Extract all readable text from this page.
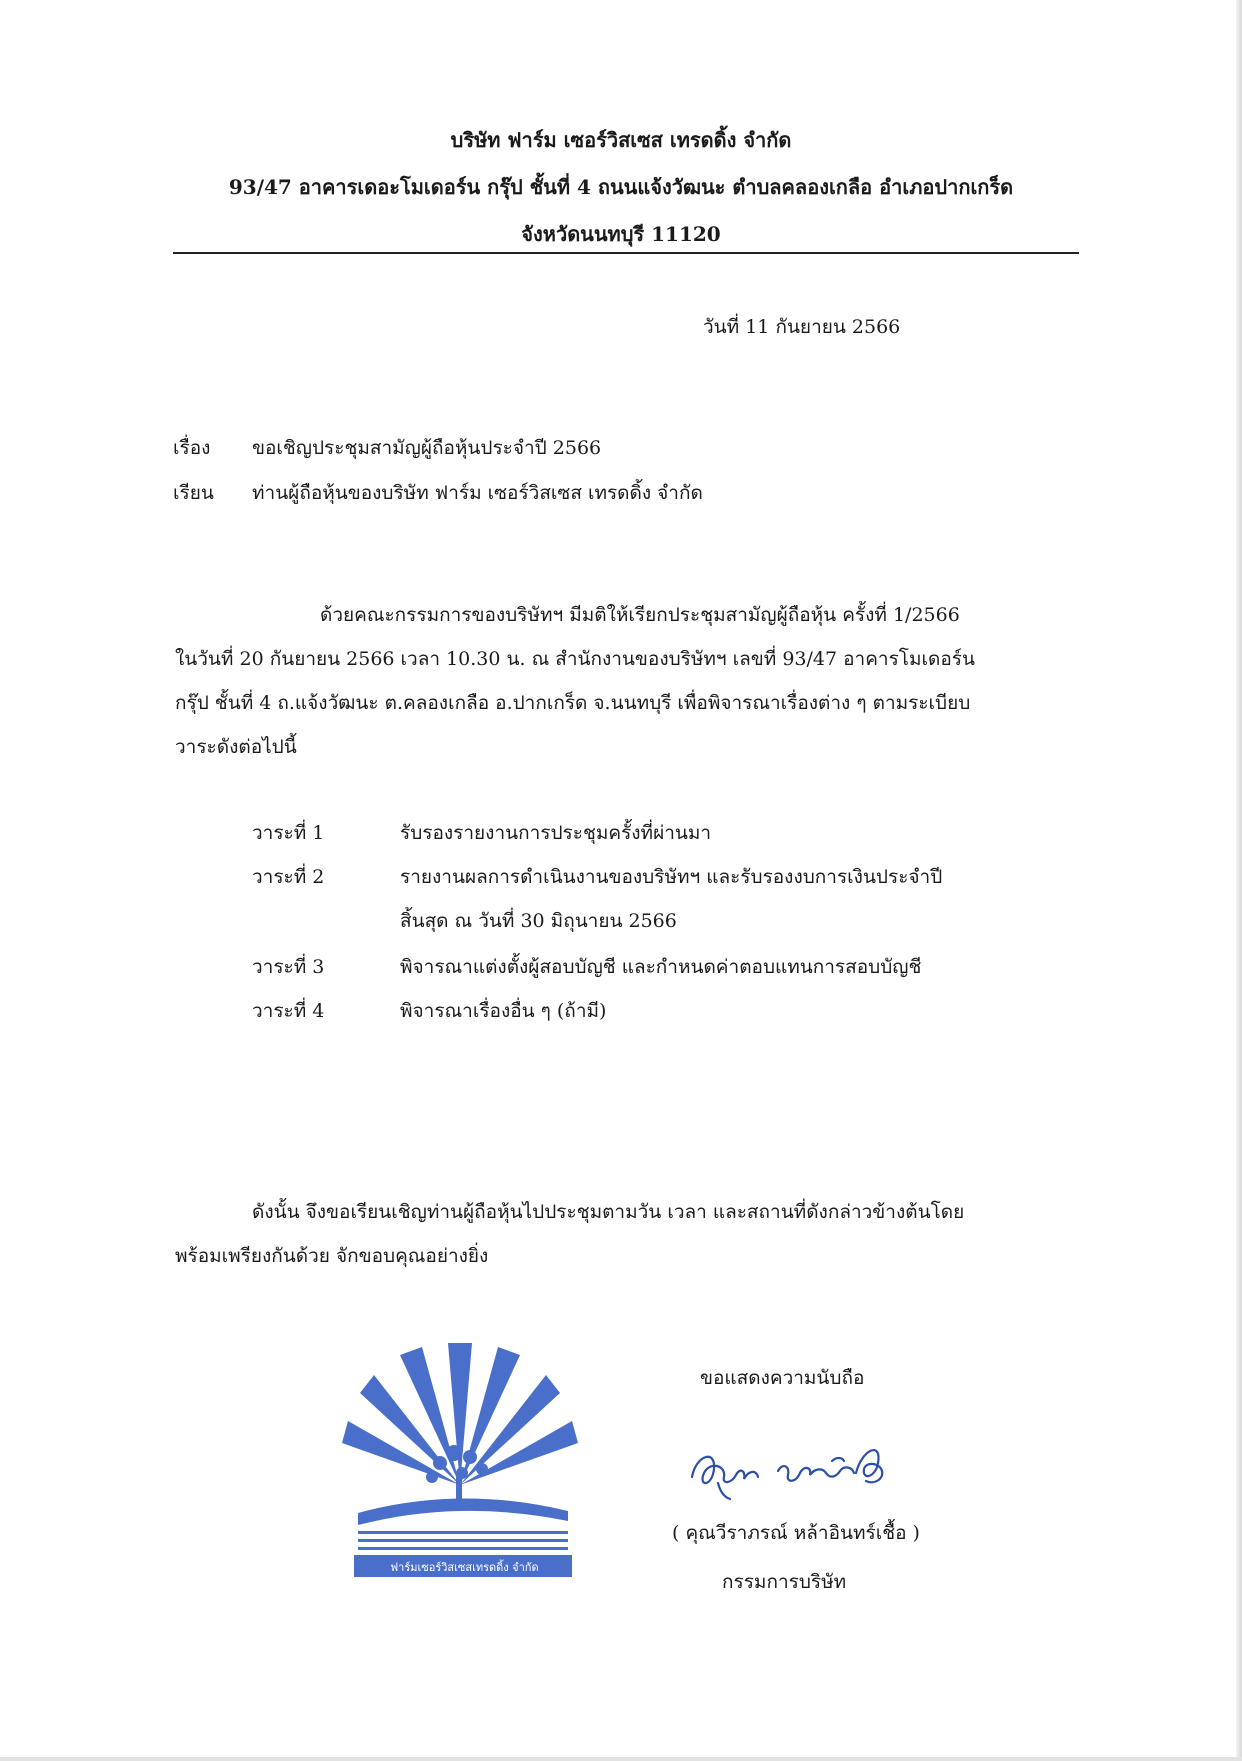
บริษัท ฟาร์ม เซอร์วิสเซส เทรดดิ้ง จำกัด
93/47 อาคารเดอะโมเดอร์น กรุ๊ป ชั้นที่ 4 ถนนแจ้งวัฒนะ ตำบลคลองเกลือ อำเภอปากเกร็ด
จังหวัดนนทบุรี 11120
วันที่ 11 กันยายน 2566
เรื่อง ขอเชิญประชุมสามัญผู้ถือหุ้นประจำปี 2566
เรียน ท่านผู้ถือหุ้นของบริษัท ฟาร์ม เซอร์วิสเซส เทรดดิ้ง จำกัด
ด้วยคณะกรรมการของบริษัทฯ มีมติให้เรียกประชุมสามัญผู้ถือหุ้น ครั้งที่ 1/2566
ในวันที่ 20 กันยายน 2566 เวลา 10.30 น. ณ สำนักงานของบริษัทฯ เลขที่ 93/47 อาคารโมเดอร์น
กรุ๊ป ชั้นที่ 4 ถ.แจ้งวัฒนะ ต.คลองเกลือ อ.ปากเกร็ด จ.นนทบุรี เพื่อพิจารณาเรื่องต่าง ๆ ตามระเบียบ
วาระดังต่อไปนี้
วาระที่ 1	รับรองรายงานการประชุมครั้งที่ผ่านมา
วาระที่ 2	รายงานผลการดำเนินงานของบริษัทฯ และรับรองงบการเงินประจำปี
สิ้นสุด ณ วันที่ 30 มิถุนายน 2566
วาระที่ 3	พิจารณาแต่งตั้งผู้สอบบัญชี และกำหนดค่าตอบแทนการสอบบัญชี
วาระที่ 4	พิจารณาเรื่องอื่น ๆ (ถ้ามี)
ดังนั้น จึงขอเรียนเชิญท่านผู้ถือหุ้นไปประชุมตามวัน เวลา และสถานที่ดังกล่าวข้างต้นโดย
พร้อมเพรียงกันด้วย จักขอบคุณอย่างยิ่ง
ฟาร์มเซอร์วิสเซสเทรดดิ้ง จำกัด
ขอแสดงความนับถือ
( คุณวีราภรณ์ หล้าอินทร์เชื้อ )
กรรมการบริษัท
